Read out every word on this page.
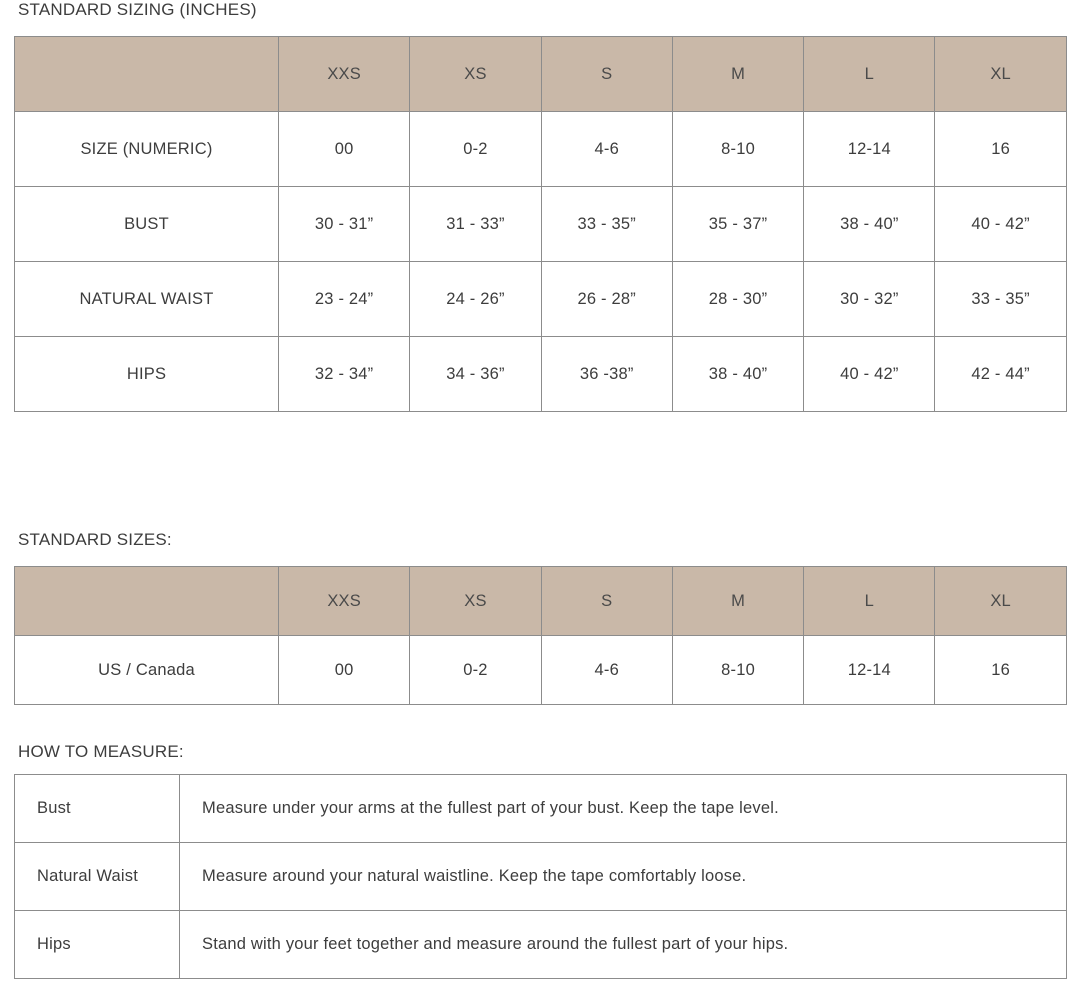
STANDARD SIZING (INCHES)
	XXS	XS	S	M	L	XL
SIZE (NUMERIC)	00	0-2	4-6	8-10	12-14	16
BUST	30 - 31”	31 - 33”	33 - 35”	35 - 37”	38 - 40”	40 - 42”
NATURAL WAIST	23 - 24”	24 - 26”	26 - 28”	28 - 30”	30 - 32”	33 - 35”
HIPS	32 - 34”	34 - 36”	36 -38”	38 - 40”	40 - 42”	42 - 44”
STANDARD SIZES:
	XXS	XS	S	M	L	XL
US / Canada	00	0-2	4-6	8-10	12-14	16
HOW TO MEASURE:
Bust	Measure under your arms at the fullest part of your bust. Keep the tape level.
Natural Waist	Measure around your natural waistline. Keep the tape comfortably loose.
Hips	Stand with your feet together and measure around the fullest part of your hips.
